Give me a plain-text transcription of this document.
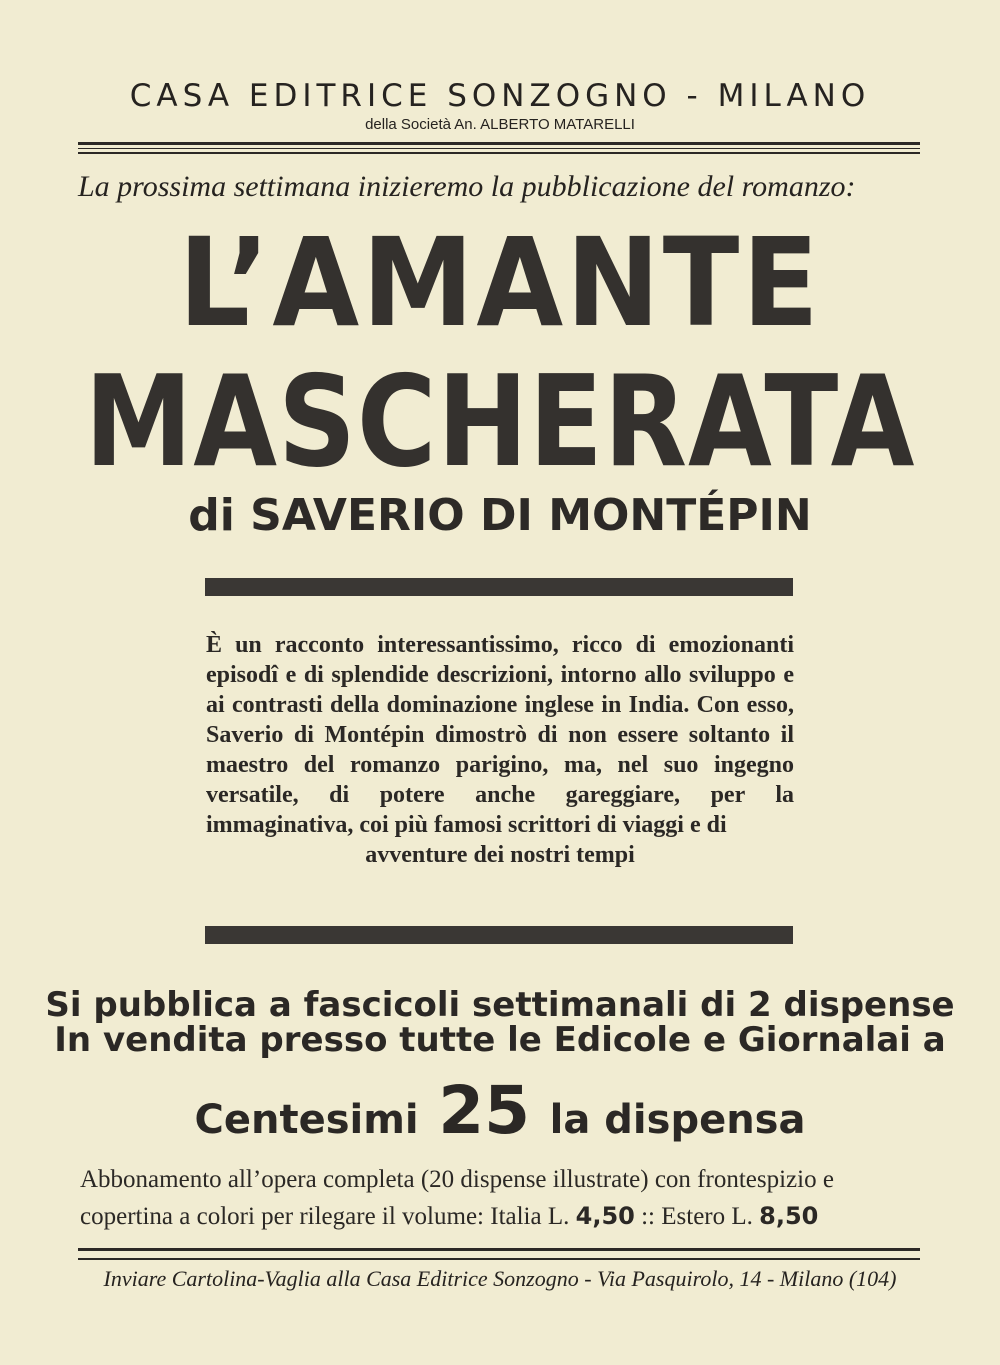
CASA EDITRICE SONZOGNO - MILANO
della Società An. ALBERTO MATARELLI
La prossima settimana inizieremo la pubblicazione del romanzo:
L’AMANTE
MASCHERATA
di SAVERIO DI MONTÉPIN
È un racconto interessantissimo, ricco di emozionanti episodî e di splendide descrizioni, intorno allo sviluppo e ai contrasti della dominazione inglese in India. Con esso, Saverio di Montépin dimostrò di non essere soltanto il maestro del romanzo parigino, ma, nel suo ingegno versatile, di potere anche gareggiare, per la immaginativa, coi più famosi scrittori di viaggi e di
avventure dei nostri tempi
Si pubblica a fascicoli settimanali di 2 dispense
In vendita presso tutte le Edicole e Giornalai a
Centesimi 25 la dispensa
Abbonamento all’opera completa (20 dispense illustrate) con frontespizio e
copertina a colori per rilegare il volume: Italia L. 4,50 :: Estero L. 8,50
Inviare Cartolina-Vaglia alla Casa Editrice Sonzogno - Via Pasquirolo, 14 - Milano (104)
